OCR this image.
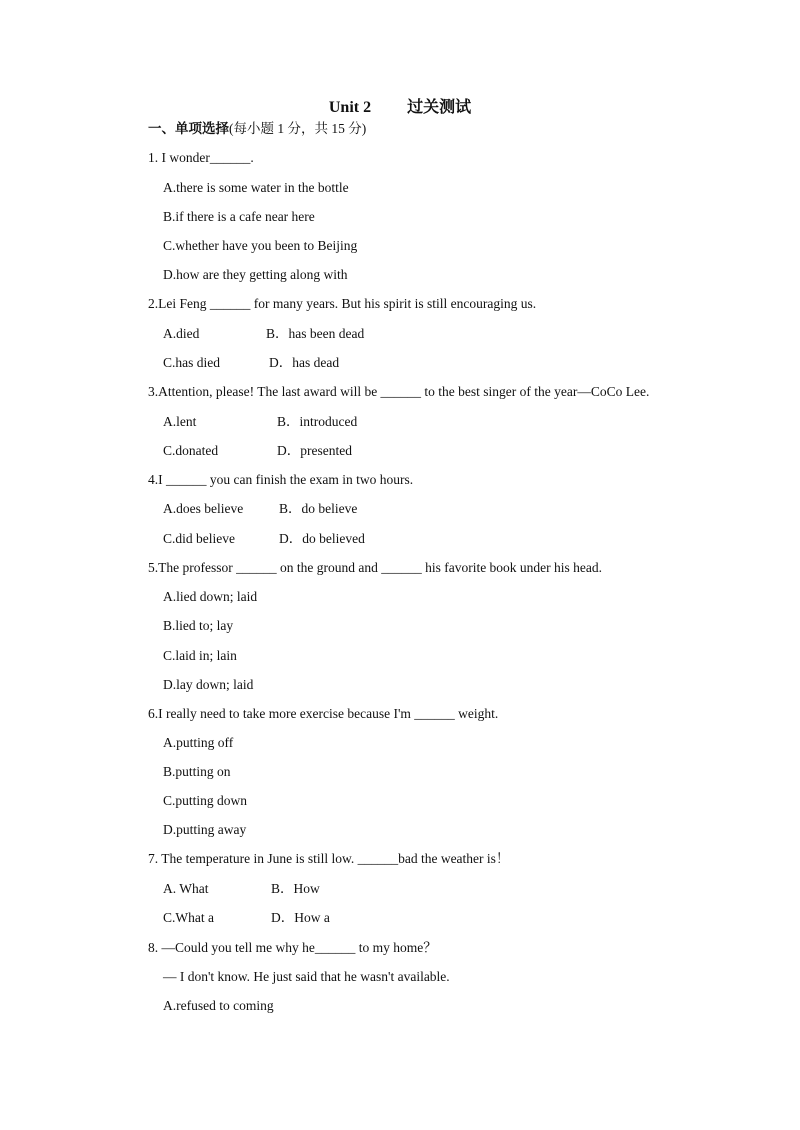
Unit 2 过关测试
一、单项选择(每小题 1 分，共 15 分)
1. I wonder______.
A.there is some water in the bottle
B.if there is a cafe near here
C.whether have you been to Beijing
D.how are they getting along with
2.Lei Feng ______ for many years. But his spirit is still encouraging us.
A.died	B．has been dead
C.has died	D．has dead
3.Attention, please! The last award will be ______ to the best singer of the year—CoCo Lee.
A.lent	B．introduced
C.donated	D．presented
4.I ______ you can finish the exam in two hours.
A.does believe	B．do believe
C.did believe	D．do believed
5.The professor ______ on the ground and ______ his favorite book under his head.
A.lied down; laid
B.lied to; lay
C.laid in; lain
D.lay down; laid
6.I really need to take more exercise because I'm ______ weight.
A.putting off
B.putting on
C.putting down
D.putting away
7. The temperature in June is still low. ______bad the weather is！
A. What	B．How
C.What a	D．How a
8. —Could you tell me why he______ to my home？
— I don't know. He just said that he wasn't available.
A.refused to coming
